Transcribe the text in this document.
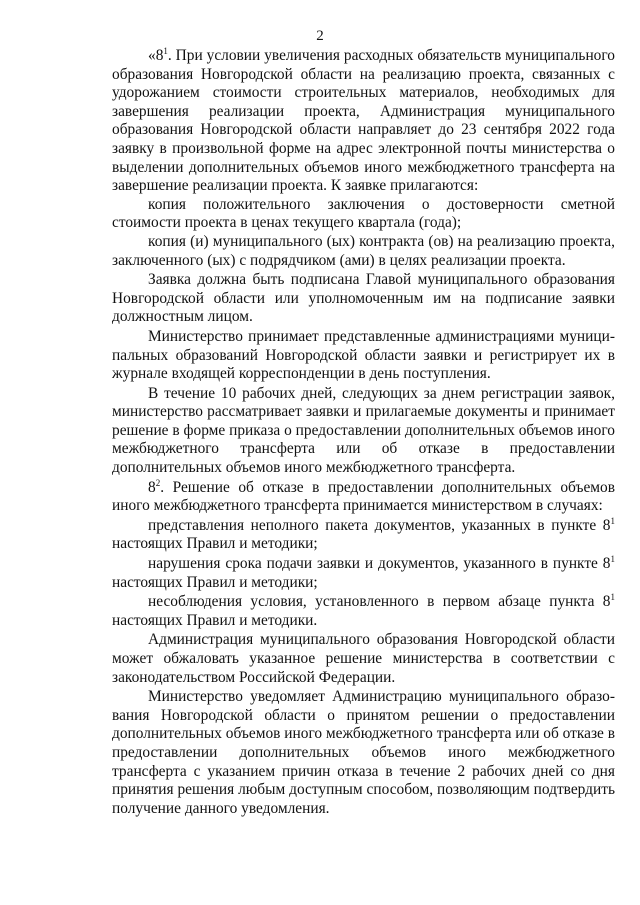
2

«$8^1$. При условии увеличения расходных обязательств муниципального образования Новгородской области на реализацию проекта, связанных с удорожанием стоимости строительных материалов, необходимых для завершения реализации проекта, Администрация муниципального образования Новгородской области направляет до 23 сентября 2022 года заявку в произвольной форме на адрес электронной почты министерства о выделении дополнительных объемов иного межбюджетного трансферта на завершение реализации проекта. К заявке прилагаются:

копия положительного заключения о достоверности сметной стоимости проекта в ценах текущего квартала (года);

копия (и) муниципального (ых) контракта (ов) на реализацию проекта, заключенного (ых) с подрядчиком (ами) в целях реализации проекта.

Заявка должна быть подписана Главой муниципального образования Новгородской области или уполномоченным им на подписание заявки должностным лицом.

Министерство принимает представленные администрациями муници-пальных образований Новгородской области заявки и регистрирует их в журнале входящей корреспонденции в день поступления.

В течение 10 рабочих дней, следующих за днем регистрации заявок, министерство рассматривает заявки и прилагаемые документы и принимает решение в форме приказа о предоставлении дополнительных объемов иного межбюджетного трансферта или об отказе в предоставлении дополнительных объемов иного межбюджетного трансферта.

$8^2$. Решение об отказе в предоставлении дополнительных объемов иного межбюджетного трансферта принимается министерством в случаях:

представления неполного пакета документов, указанных в пункте $8^1$ настоящих Правил и методики;

нарушения срока подачи заявки и документов, указанного в пункте $8^1$ настоящих Правил и методики;

несоблюдения условия, установленного в первом абзаце пункта $8^1$ настоящих Правил и методики.

Администрация муниципального образования Новгородской области может обжаловать указанное решение министерства в соответствии с законодательством Российской Федерации.

Министерство уведомляет Администрацию муниципального образо-вания Новгородской области о принятом решении о предоставлении дополнительных объемов иного межбюджетного трансферта или об отказе в предоставлении дополнительных объемов иного межбюджетного трансферта с указанием причин отказа в течение 2 рабочих дней со дня принятия решения любым доступным способом, позволяющим подтвердить получение данного уведомления.
